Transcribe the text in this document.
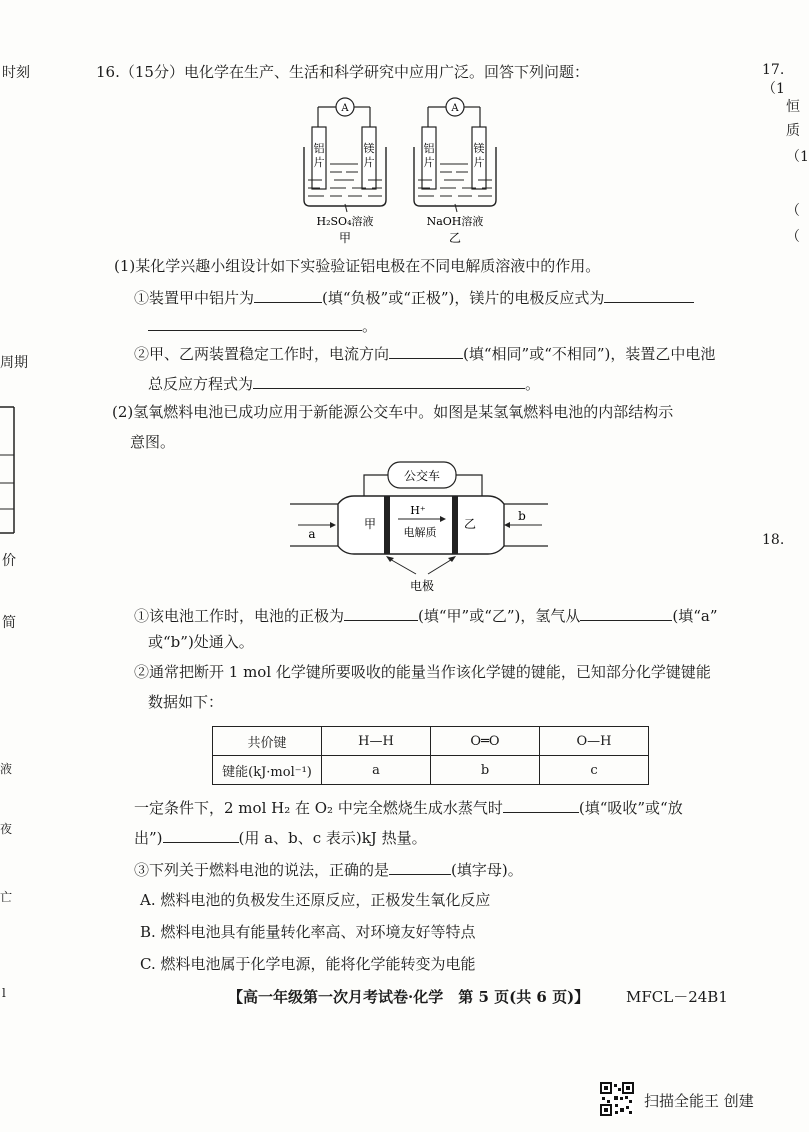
时刻
周期
价
简
液
夜
亡
l
17.（1
恒
质
（1
（
（
18.
16.（15分）电化学在生产、生活和科学研究中应用广泛。回答下列问题：
A
铝
片
镁
片
H₂SO₄溶液
甲
A
铝
片
镁
片
NaOH溶液
乙
(1)某化学兴趣小组设计如下实验验证铝电极在不同电解质溶液中的作用。
①装置甲中铝片为	(填“负极”或“正极”)，镁片的电极反应式为
。
②甲、乙两装置稳定工作时，电流方向	(填“相同”或“不相同”)，装置乙中电池
总反应方程式为	。
(2)氢氧燃料电池已成功应用于新能源公交车中。如图是某氢氧燃料电池的内部结构示
意图。
公交车
a
b
甲	乙
H⁺
电解质
电极
①该电池工作时，电池的正极为	(填“甲”或“乙”)，氢气从	(填“a”
或“b”)处通入。
②通常把断开 1 mol 化学键所要吸收的能量当作该化学键的键能，已知部分化学键键能
数据如下：
共价键	H—H	O═O	O—H
键能(kJ·mol⁻¹)	a	b	c
一定条件下，2 mol H₂ 在 O₂ 中完全燃烧生成水蒸气时	(填“吸收”或“放
出”)	(用 a、b、c 表示)kJ 热量。
③下列关于燃料电池的说法，正确的是	(填字母)。
A. 燃料电池的负极发生还原反应，正极发生氧化反应
B. 燃料电池具有能量转化率高、对环境友好等特点
C. 燃料电池属于化学电源，能将化学能转变为电能
【高一年级第一次月考试卷·化学　第 5 页(共 6 页)】 MFCL－24B1
扫描全能王 创建
